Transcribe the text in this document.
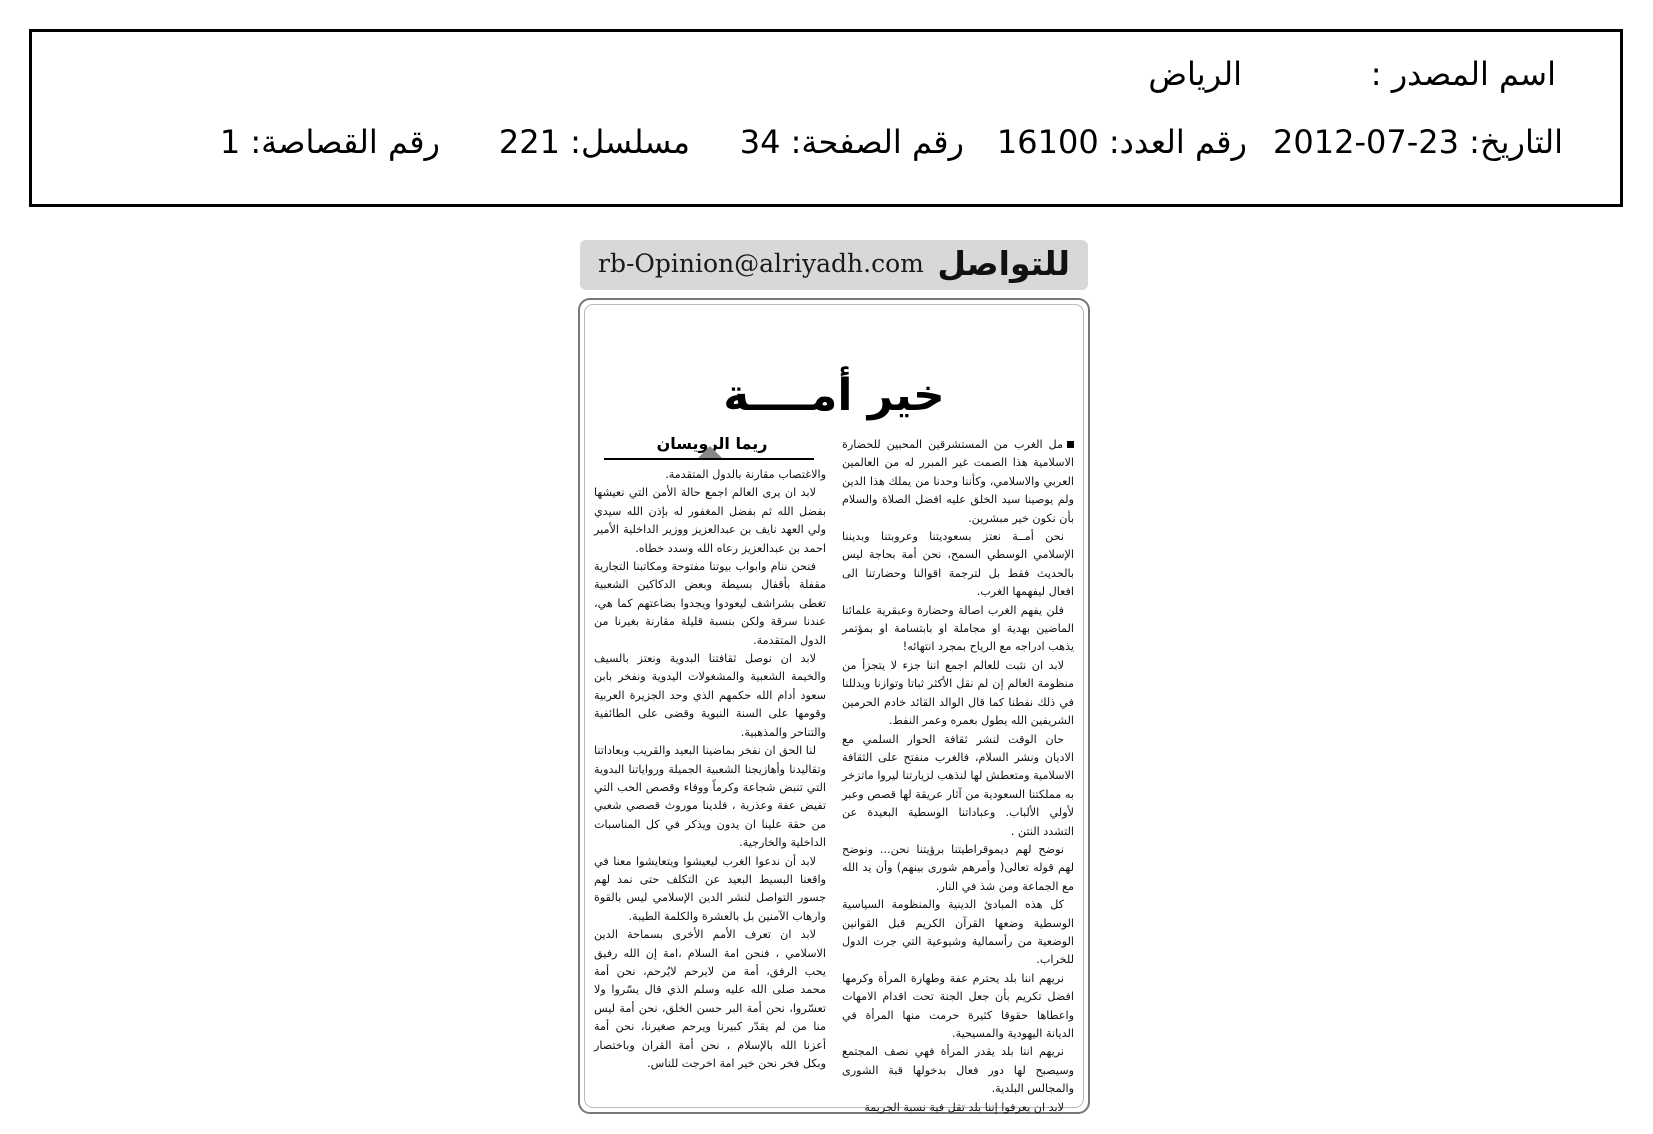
اسم المصدر :
الرياض
التاريخ: 23-07-2012
رقم العدد: 16100
رقم الصفحة: 34
مسلسل: 221
رقم القصاصة: 1
rb-Opinion@alriyadh.com للتواصل
خير أمــــة
ريما الرويسان	مل الغرب من المستشرقين المحبين للحضارة الاسلامية هذا الصمت غير المبرر له من العالمين العربي والاسلامي، وكأننا وحدنا من يملك هذا الدين ولم يوصينا سيد الخلق عليه افضل الصلاة والسلام بأن نكون خير مبشرين.

نحن أمــة نعتز بسعوديتنا وعروبتنا وبديننا الإسلامي الوسطي السمح، نحن أمة بحاجة ليس بالحديث فقط بل لترجمة اقوالنا وحضارتنا الى افعال ليفهمها الغرب.

فلن يفهم الغرب اصالة وحضارة وعبقرية علمائنا الماضين بهدية او مجاملة او بابتسامة او بمؤتمر يذهب ادراجه مع الرياح بمجرد انتهائه!

لابد ان نثبت للعالم اجمع اننا جزء لا يتجزأ من منظومة العالم إن لم نقل الأكثر ثباتا وتوازنا ويدللنا في ذلك نفطنا كما قال الوالد القائد خادم الحرمين الشريفين الله يطول بعمره وعمر النفط.

حان الوقت لنشر ثقافة الحوار السلمي مع الاديان ونشر السلام، فالغرب منفتح على الثقافة الاسلامية ومتعطش لها لنذهب لزيارتنا ليروا ماتزخر به مملكتنا السعودية من آثار عريقة لها قصص وعبر لأولي الألباب. وعباداتنا الوسطية البعيدة عن التشدد النتن .

نوضح لهم ديموقراطيتنا برؤيتنا نحن... ونوضح لهم قوله تعالى( وأمرهم شورى بينهم) وأن يد الله مع الجماعة ومن شذ في النار.

كل هذه المبادئ الدينية والمنظومة السياسية الوسطية وضعها القرآن الكريم قبل القوانين الوضعية من رأسمالية وشيوعية التي جرت الدول للخراب.

نريهم اننا بلد يحترم عفة وطهارة المرأة وكرمها افضل تكريم بأن جعل الجنة تحت اقدام الامهات واعطاها حقوقا كثيرة حرمت منها المرأة في الديانة اليهودية والمسيحية.

نريهم اننا بلد يقدر المرأة فهي نصف المجتمع وسيصبح لها دور فعال بدخولها قبة الشورى والمجالس البلدية.

لابد ان يعرفوا إننا بلد تقل فية نسبة الجريمة

والاغتصاب مقارنة بالدول المتقدمة.

لابد ان يرى العالم اجمع حالة الأمن التي نعيشها بفضل الله ثم بفضل المغفور له بإذن الله سيدي ولي العهد نايف بن عبدالعزيز ووزير الداخلية الأمير احمد بن عبدالعزيز رعاه الله وسدد خطاه.

فنحن ننام وابواب بيوتنا مفتوحة ومكاتبنا التجارية مقفلة بأقفال بسيطة وبعض الدكاكين الشعبية تغطى بشراشف ليعودوا ويجدوا بضاعتهم كما هي، عندنا سرقة ولكن بنسبة قليلة مقارنة بغيرنا من الدول المتقدمة.

لابد ان نوصل ثقافتنا البدوية ونعتز بالسيف والخيمة الشعبية والمشغولات اليدوية ونفخر بابن سعود أدام الله حكمهم الذي وحد الجزيرة العربية وقومها على السنة النبوية وقضى على الطائفية والتناحر والمذهبية.

لنا الحق ان نفخر بماضينا البعيد والقريب وبعاداتنا وتقاليدنا وأهازيجنا الشعبية الجميلة ورواياتنا البدوية التي تنبض شجاعة وكرماً ووفاء وقصص الحب التي تفيض عفة وعذرية ، فلدينا موروث قصصي شعبي من حقة علينا ان يدون ويذكر في كل المناسبات الداخلية والخارجية.

لابد أن ندعوا الغرب ليعيشوا ويتعايشوا معنا في واقعنا البسيط البعيد عن التكلف حتى نمد لهم جسور التواصل لنشر الدين الإسلامي ليس بالقوة وارهاب الآمنين بل بالعشرة والكلمة الطيبة.

لابد ان تعرف الأمم الأخرى بسماحة الدين الاسلامي ، فنحن امة السلام ،امة إن الله رفيق يحب الرفق، أمة من لايرحم لايُرحم، نحن أمة محمد صلى الله عليه وسلم الذي قال يسّروا ولا تعسّروا، نحن أمة البر حسن الخلق، نحن أمة ليس منا من لم يقدّر كبيرنا ويرحم صغيرنا، نحن أمة أعزنا الله بالإسلام ، نحن أمة القران وباختصار وبكل فخر نحن خير امة اخرجت للناس.
